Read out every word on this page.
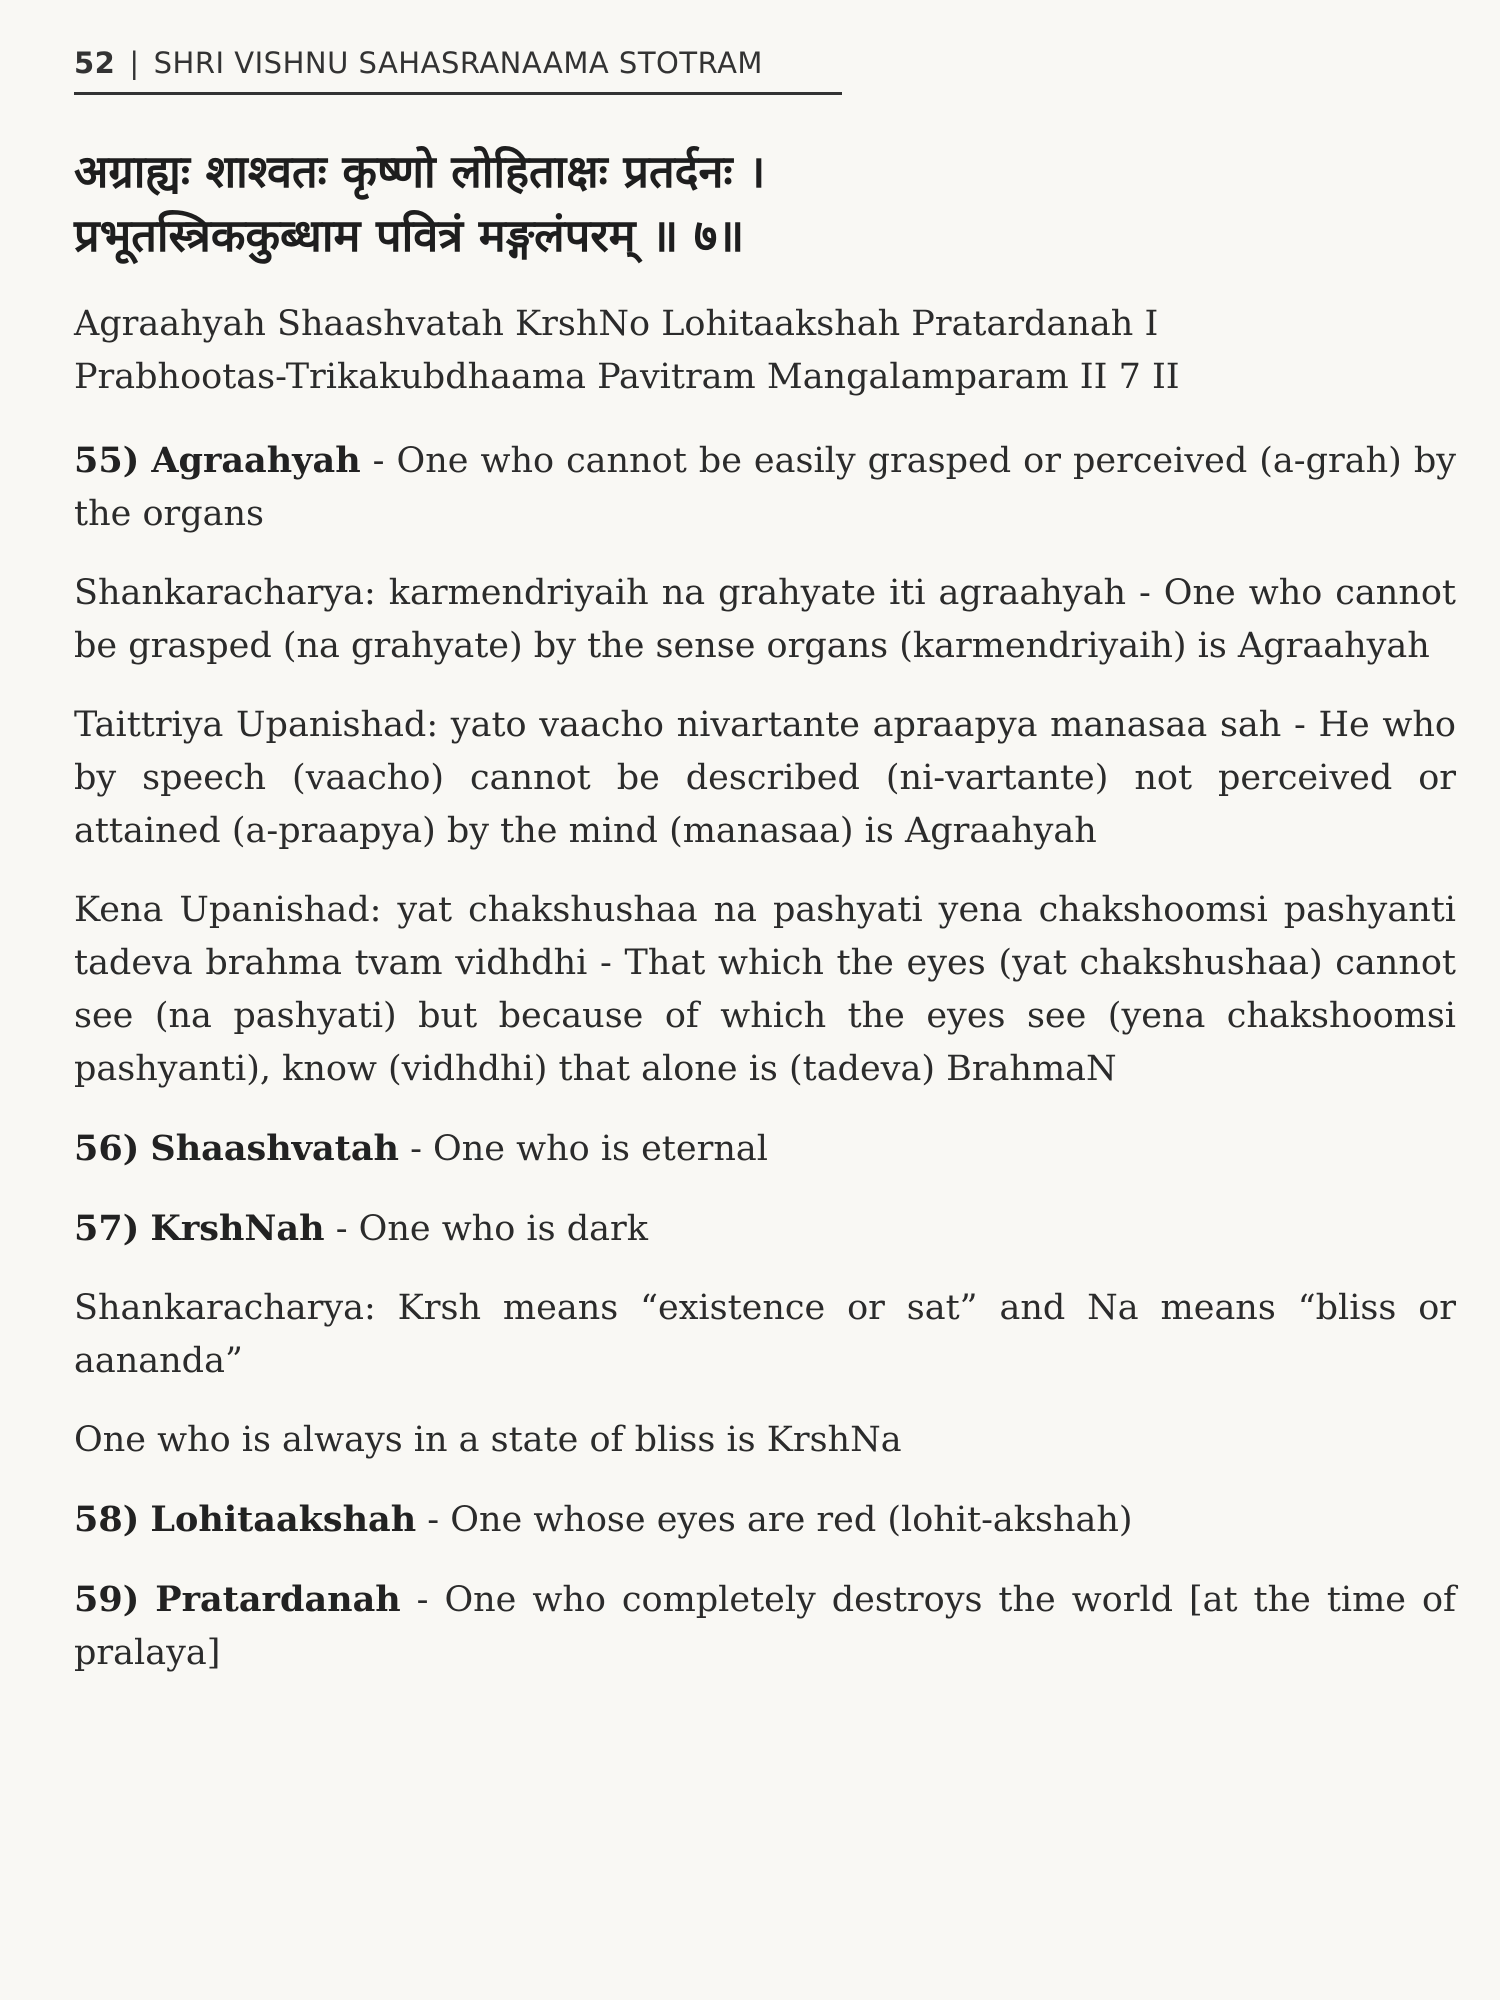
52 | SHRI VISHNU SAHASRANAAMA STOTRAM
अग्राह्यः शाश्वतः कृष्णो लोहिताक्षः प्रतर्दनः ।
प्रभूतस्त्रिककुब्धाम पवित्रं मङ्गलंपरम् ॥ ७॥

Agraahyah Shaashvatah KrshNo Lohitaakshah Pratardanah I
Prabhootas-Trikakubdhaama Pavitram Mangalamparam II 7 II

55) Agraahyah - One who cannot be easily grasped or perceived (a-grah) by the organs

Shankaracharya: karmendriyaih na grahyate iti agraahyah - One who cannot be grasped (na grahyate) by the sense organs (karmendriyaih) is Agraahyah

Taittriya Upanishad: yato vaacho nivartante apraapya manasaa sah - He who by speech (vaacho) cannot be described (ni-vartante) not perceived or attained (a-praapya) by the mind (manasaa) is Agraahyah

Kena Upanishad: yat chakshushaa na pashyati yena chakshoomsi pashyanti tadeva brahma tvam vidhdhi - That which the eyes (yat chakshushaa) cannot see (na pashyati) but because of which the eyes see (yena chakshoomsi pashyanti), know (vidhdhi) that alone is (tadeva) BrahmaN

56) Shaashvatah - One who is eternal

57) KrshNah - One who is dark

Shankaracharya: Krsh means “existence or sat” and Na means “bliss or aananda”

One who is always in a state of bliss is KrshNa

58) Lohitaakshah - One whose eyes are red (lohit-akshah)

59) Pratardanah - One who completely destroys the world [at the time of pralaya]
